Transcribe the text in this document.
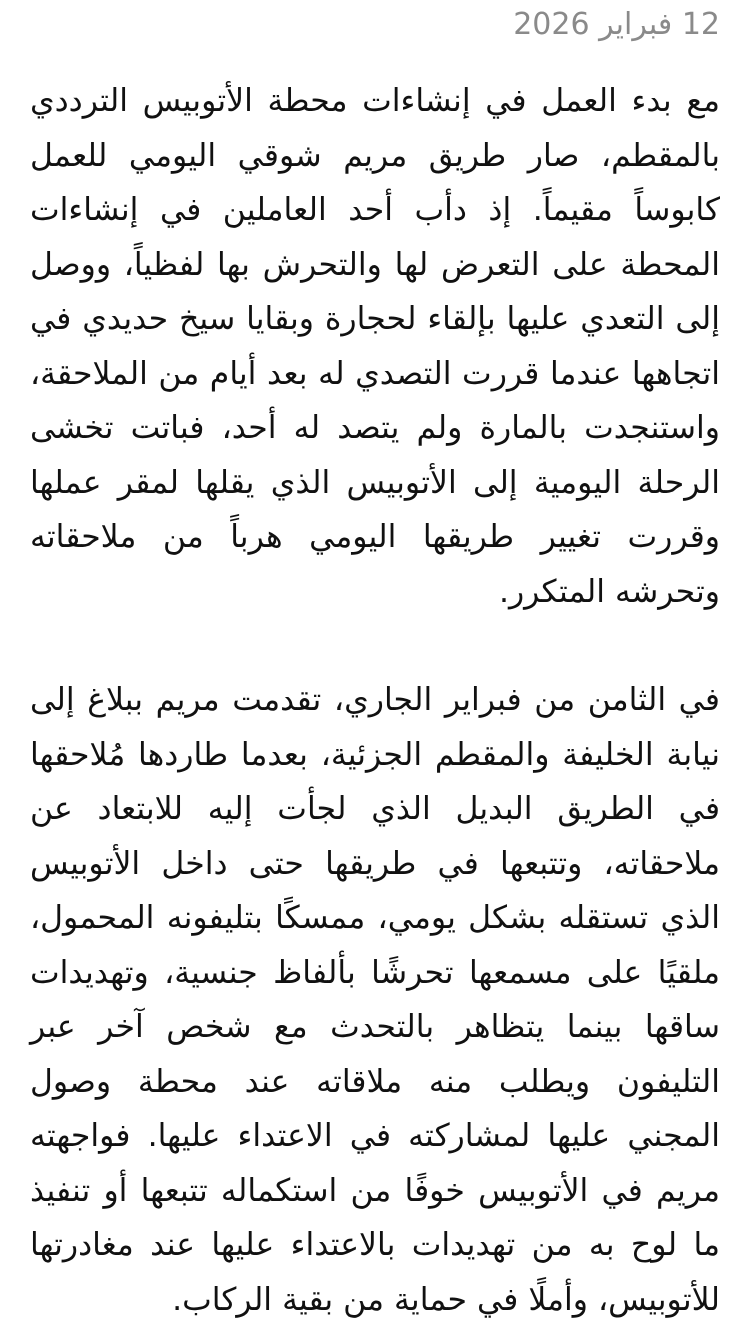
12 فبراير 2026

مع بدء العمل في إنشاءات محطة الأتوبيس الترددي بالمقطم، صار طريق مريم شوقي اليومي للعمل كابوساً مقيماً. إذ دأب أحد العاملين في إنشاءات المحطة على التعرض لها والتحرش بها لفظياً، ووصل إلى التعدي عليها بإلقاء لحجارة وبقايا سيخ حديدي في اتجاهها عندما قررت التصدي له بعد أيام من الملاحقة، واستنجدت بالمارة ولم يتصد له أحد، فباتت تخشى الرحلة اليومية إلى الأتوبيس الذي يقلها لمقر عملها وقررت تغيير طريقها اليومي هرباً من ملاحقاته وتحرشه المتكرر.

في الثامن من فبراير الجاري، تقدمت مريم ببلاغ إلى نيابة الخليفة والمقطم الجزئية، بعدما طاردها مُلاحقها في الطريق البديل الذي لجأت إليه للابتعاد عن ملاحقاته، وتتبعها في طريقها حتى داخل الأتوبيس الذي تستقله بشكل يومي، ممسكًا بتليفونه المحمول، ملقيًا على مسمعها تحرشًا بألفاظ جنسية، وتهديدات ساقها بينما يتظاهر بالتحدث مع شخص آخر عبر التليفون ويطلب منه ملاقاته عند محطة وصول المجني عليها لمشاركته في الاعتداء عليها. فواجهته مريم في الأتوبيس خوفًا من استكماله تتبعها أو تنفيذ ما لوح به من تهديدات بالاعتداء عليها عند مغادرتها للأتوبيس، وأملًا في حماية من بقية الركاب.
